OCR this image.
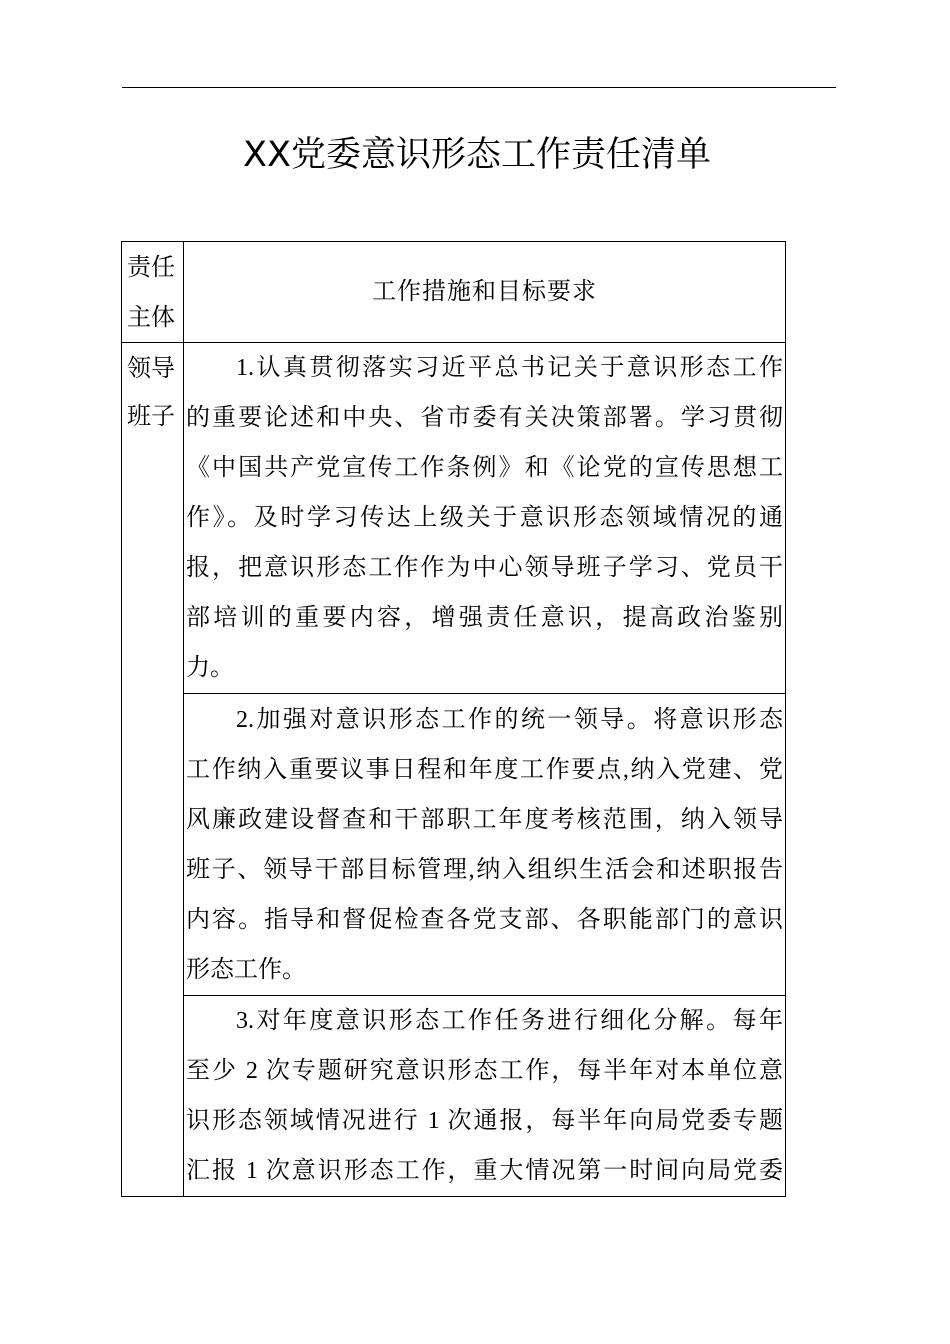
XX党委意识形态工作责任清单
责任主体
工作措施和目标要求
领导班子
1.认真贯彻落实习近平总书记关于意识形态工作
的重要论述和中央、省市委有关决策部署。学习贯彻
《中国共产党宣传工作条例》和《论党的宣传思想工
作》。及时学习传达上级关于意识形态领域情况的通
报，把意识形态工作作为中心领导班子学习、党员干
部培训的重要内容，增强责任意识，提高政治鉴别
力。
2.加强对意识形态工作的统一领导。将意识形态
工作纳入重要议事日程和年度工作要点,纳入党建、党
风廉政建设督查和干部职工年度考核范围，纳入领导
班子、领导干部目标管理,纳入组织生活会和述职报告
内容。指导和督促检查各党支部、各职能部门的意识
形态工作。
3.对年度意识形态工作任务进行细化分解。每年
至少 2 次专题研究意识形态工作，每半年对本单位意
识形态领域情况进行 1 次通报，每半年向局党委专题
汇报 1 次意识形态工作，重大情况第一时间向局党委
